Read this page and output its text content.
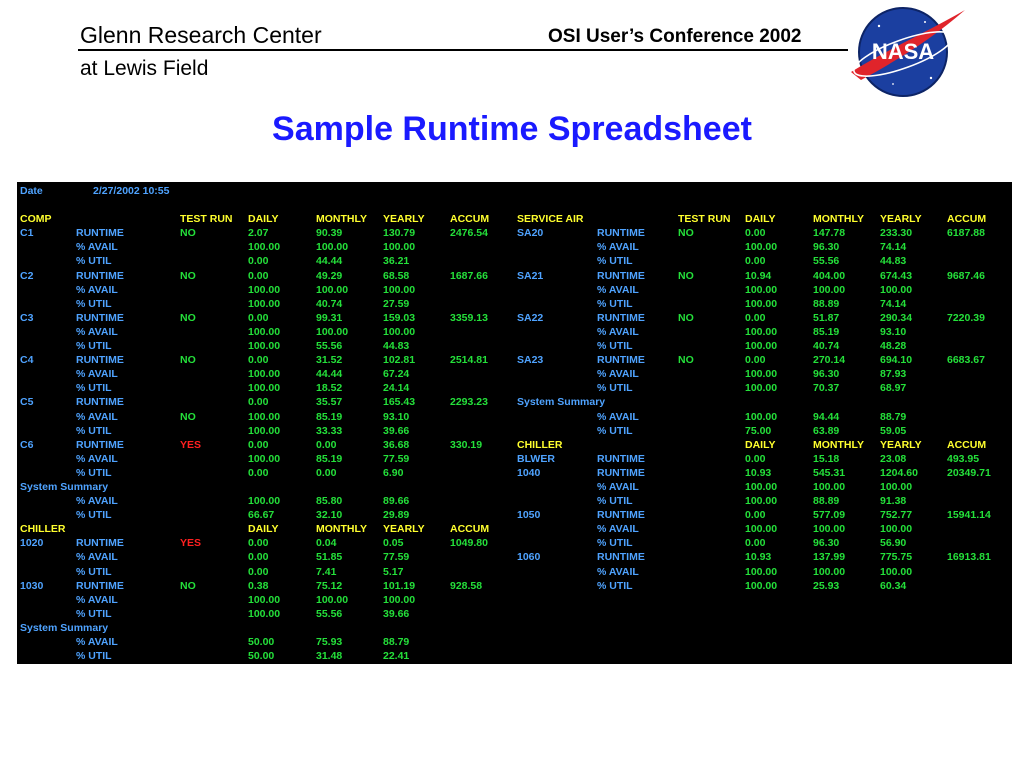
Glenn Research Center
at Lewis Field
OSI User’s Conference 2002
NASA
Sample Runtime Spreadsheet
Date	2/27/2002 10:55												

COMP		TEST RUN	DAILY	MONTHLY	YEARLY	ACCUM	SERVICE AIR		TEST RUN	DAILY	MONTHLY	YEARLY	ACCUM
C1	RUNTIME	NO	2.07	90.39	130.79	2476.54	SA20	RUNTIME	NO	0.00	147.78	233.30	6187.88
	% AVAIL		100.00	100.00	100.00			% AVAIL		100.00	96.30	74.14	
	% UTIL		0.00	44.44	36.21			% UTIL		0.00	55.56	44.83	
C2	RUNTIME	NO	0.00	49.29	68.58	1687.66	SA21	RUNTIME	NO	10.94	404.00	674.43	9687.46
	% AVAIL		100.00	100.00	100.00			% AVAIL		100.00	100.00	100.00	
	% UTIL		100.00	40.74	27.59			% UTIL		100.00	88.89	74.14	
C3	RUNTIME	NO	0.00	99.31	159.03	3359.13	SA22	RUNTIME	NO	0.00	51.87	290.34	7220.39
	% AVAIL		100.00	100.00	100.00			% AVAIL		100.00	85.19	93.10	
	% UTIL		100.00	55.56	44.83			% UTIL		100.00	40.74	48.28	
C4	RUNTIME	NO	0.00	31.52	102.81	2514.81	SA23	RUNTIME	NO	0.00	270.14	694.10	6683.67
	% AVAIL		100.00	44.44	67.24			% AVAIL		100.00	96.30	87.93	
	% UTIL		100.00	18.52	24.14			% UTIL		100.00	70.37	68.97	
C5	RUNTIME		0.00	35.57	165.43	2293.23	System Summary						
	% AVAIL	NO	100.00	85.19	93.10			% AVAIL		100.00	94.44	88.79	
	% UTIL		100.00	33.33	39.66			% UTIL		75.00	63.89	59.05	
C6	RUNTIME	YES	0.00	0.00	36.68	330.19	CHILLER			DAILY	MONTHLY	YEARLY	ACCUM
	% AVAIL		100.00	85.19	77.59		BLWER	RUNTIME		0.00	15.18	23.08	493.95
	% UTIL		0.00	0.00	6.90		1040	RUNTIME		10.93	545.31	1204.60	20349.71
System Summary								% AVAIL		100.00	100.00	100.00	
	% AVAIL		100.00	85.80	89.66			% UTIL		100.00	88.89	91.38	
	% UTIL		66.67	32.10	29.89		1050	RUNTIME		0.00	577.09	752.77	15941.14
CHILLER			DAILY	MONTHLY	YEARLY	ACCUM		% AVAIL		100.00	100.00	100.00	
1020	RUNTIME	YES	0.00	0.04	0.05	1049.80		% UTIL		0.00	96.30	56.90	
	% AVAIL		0.00	51.85	77.59		1060	RUNTIME		10.93	137.99	775.75	16913.81
	% UTIL		0.00	7.41	5.17			% AVAIL		100.00	100.00	100.00	
1030	RUNTIME	NO	0.38	75.12	101.19	928.58		% UTIL		100.00	25.93	60.34	
	% AVAIL		100.00	100.00	100.00								
	% UTIL		100.00	55.56	39.66								
System Summary													
	% AVAIL		50.00	75.93	88.79								
	% UTIL		50.00	31.48	22.41								
